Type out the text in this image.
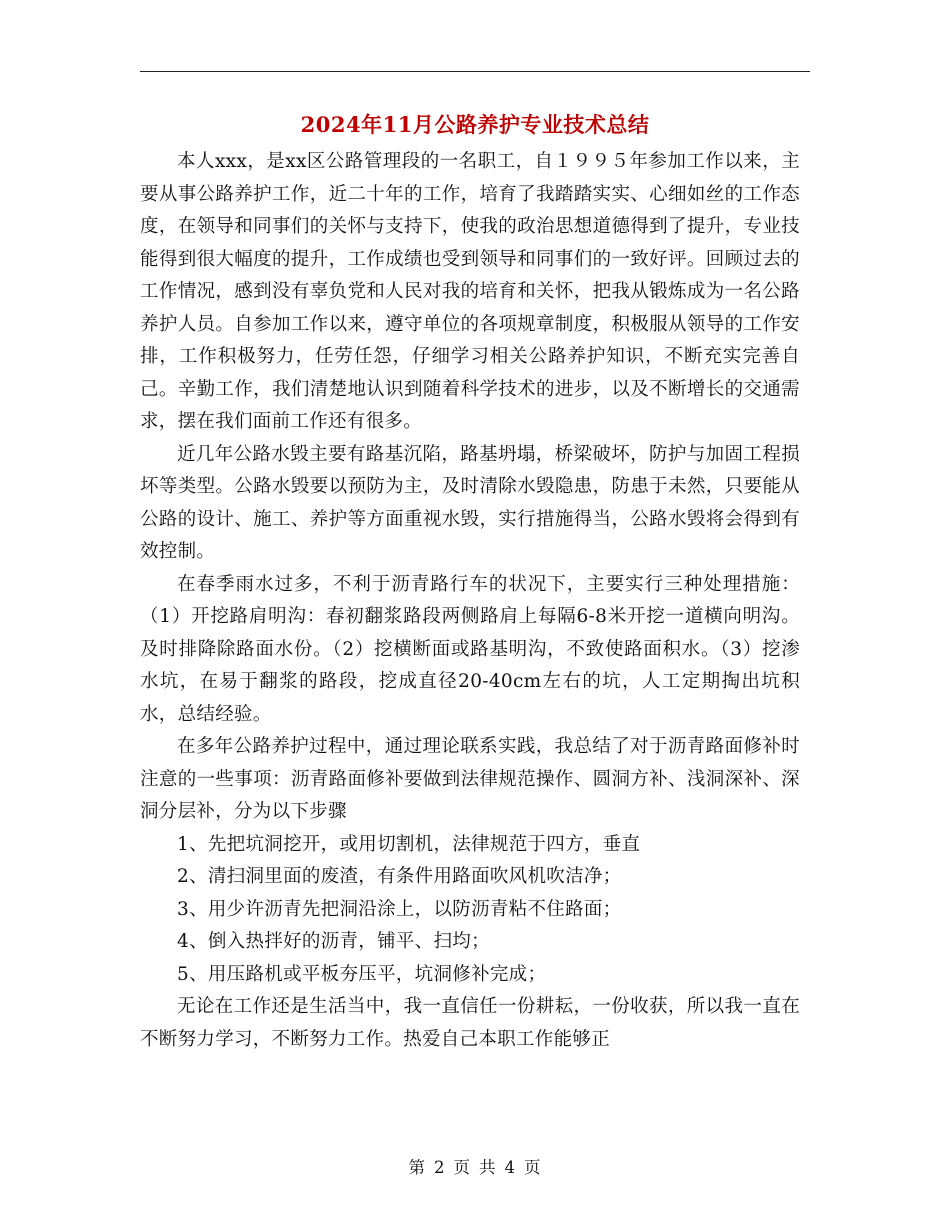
2024年11月公路养护专业技术总结

本人xxx，是xx区公路管理段的一名职工，自１９９５年参加工作以来，主要从事公路养护工作，近二十年的工作，培育了我踏踏实实、心细如丝的工作态度，在领导和同事们的关怀与支持下，使我的政治思想道德得到了提升，专业技能得到很大幅度的提升，工作成绩也受到领导和同事们的一致好评。回顾过去的工作情况，感到没有辜负党和人民对我的培育和关怀，把我从锻炼成为一名公路养护人员。自参加工作以来，遵守单位的各项规章制度，积极服从领导的工作安排，工作积极努力，任劳任怨，仔细学习相关公路养护知识，不断充实完善自己。辛勤工作，我们清楚地认识到随着科学技术的进步，以及不断增长的交通需求，摆在我们面前工作还有很多。

近几年公路水毁主要有路基沉陷，路基坍塌，桥梁破坏，防护与加固工程损坏等类型。公路水毁要以预防为主，及时清除水毁隐患，防患于未然，只要能从公路的设计、施工、养护等方面重视水毁，实行措施得当，公路水毁将会得到有效控制。

在春季雨水过多，不利于沥青路行车的状况下，主要实行三种处理措施：（1）开挖路肩明沟：春初翻浆路段两侧路肩上每隔6-8米开挖一道横向明沟。及时排降除路面水份。（2）挖横断面或路基明沟，不致使路面积水。（3）挖渗水坑，在易于翻浆的路段，挖成直径20-40cm左右的坑，人工定期掏出坑积水，总结经验。

在多年公路养护过程中，通过理论联系实践，我总结了对于沥青路面修补时注意的一些事项：沥青路面修补要做到法律规范操作、圆洞方补、浅洞深补、深洞分层补，分为以下步骤

1、先把坑洞挖开，或用切割机，法律规范于四方，垂直

2、清扫洞里面的废渣，有条件用路面吹风机吹洁净；

3、用少许沥青先把洞沿涂上，以防沥青粘不住路面；

4、倒入热拌好的沥青，铺平、扫均；

5、用压路机或平板夯压平，坑洞修补完成；

无论在工作还是生活当中，我一直信任一份耕耘，一份收获，所以我一直在不断努力学习，不断努力工作。热爱自己本职工作能够正

第 2 页 共 4 页
